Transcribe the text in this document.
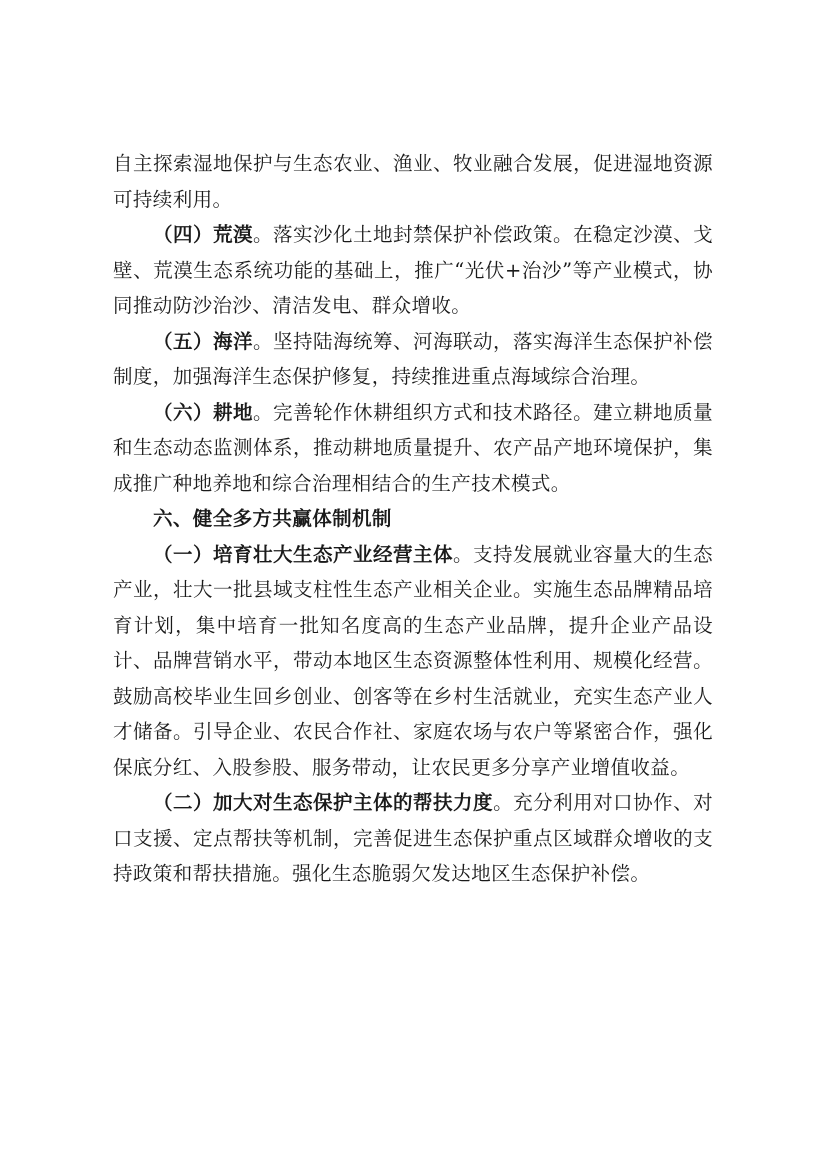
自主探索湿地保护与生态农业、渔业、牧业融合发展，促进湿地资源可持续利用。

（四）荒漠。落实沙化土地封禁保护补偿政策。在稳定沙漠、戈壁、荒漠生态系统功能的基础上，推广“光伏+治沙”等产业模式，协同推动防沙治沙、清洁发电、群众增收。

（五）海洋。坚持陆海统筹、河海联动，落实海洋生态保护补偿制度，加强海洋生态保护修复，持续推进重点海域综合治理。

（六）耕地。完善轮作休耕组织方式和技术路径。建立耕地质量和生态动态监测体系，推动耕地质量提升、农产品产地环境保护，集成推广种地养地和综合治理相结合的生产技术模式。

六、健全多方共赢体制机制

（一）培育壮大生态产业经营主体。支持发展就业容量大的生态产业，壮大一批县域支柱性生态产业相关企业。实施生态品牌精品培育计划，集中培育一批知名度高的生态产业品牌，提升企业产品设计、品牌营销水平，带动本地区生态资源整体性利用、规模化经营。鼓励高校毕业生回乡创业、创客等在乡村生活就业，充实生态产业人才储备。引导企业、农民合作社、家庭农场与农户等紧密合作，强化保底分红、入股参股、服务带动，让农民更多分享产业增值收益。

（二）加大对生态保护主体的帮扶力度。充分利用对口协作、对口支援、定点帮扶等机制，完善促进生态保护重点区域群众增收的支持政策和帮扶措施。强化生态脆弱欠发达地区生态保护补偿。
